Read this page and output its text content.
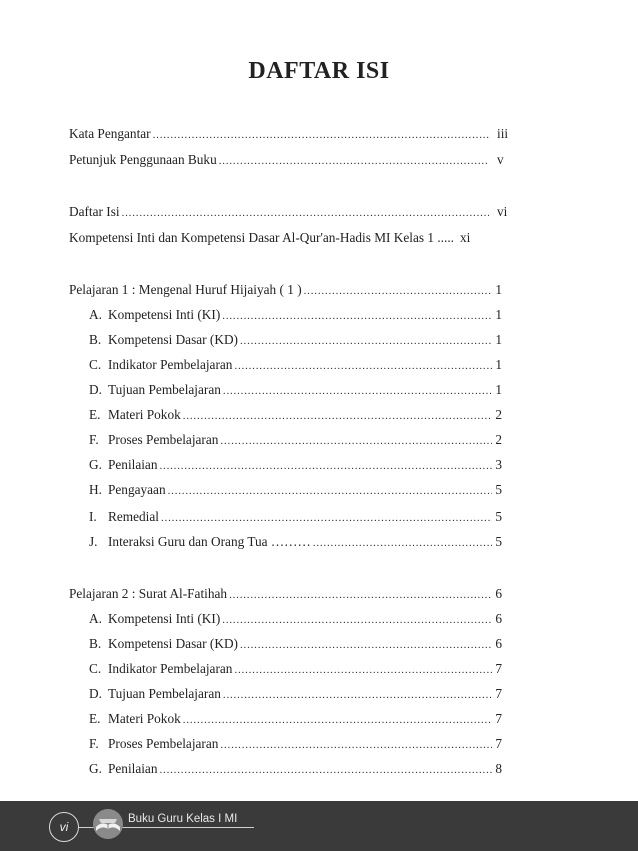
DAFTAR ISI
Kata Pengantar .....	iii
Petunjuk Penggunaan Buku .....	v
Daftar Isi .....	vi
Kompetensi Inti dan Kompetensi Dasar Al-Qur'an-Hadis MI Kelas 1 ..... xi
Pelajaran 1 : Mengenal Huruf Hijaiyah ( 1 ) .....	1
A. Kompetensi Inti (KI) .....	1
B. Kompetensi Dasar (KD) .....	1
C. Indikator Pembelajaran .....	1
D. Tujuan Pembelajaran .....	1
E. Materi Pokok .....	2
F. Proses Pembelajaran .....	2
G. Penilaian .....	3
H. Pengayaan .....	5
I. Remedial .....	5
J. Interaksi Guru dan Orang Tua ……… .....	5
Pelajaran 2 : Surat Al-Fatihah .....	6
A. Kompetensi Inti (KI) .....	6
B. Kompetensi Dasar (KD) .....	6
C. Indikator Pembelajaran .....	7
D. Tujuan Pembelajaran .....	7
E. Materi Pokok .....	7
F. Proses Pembelajaran .....	7
G. Penilaian .....	8
vi
Buku Guru Kelas I MI
